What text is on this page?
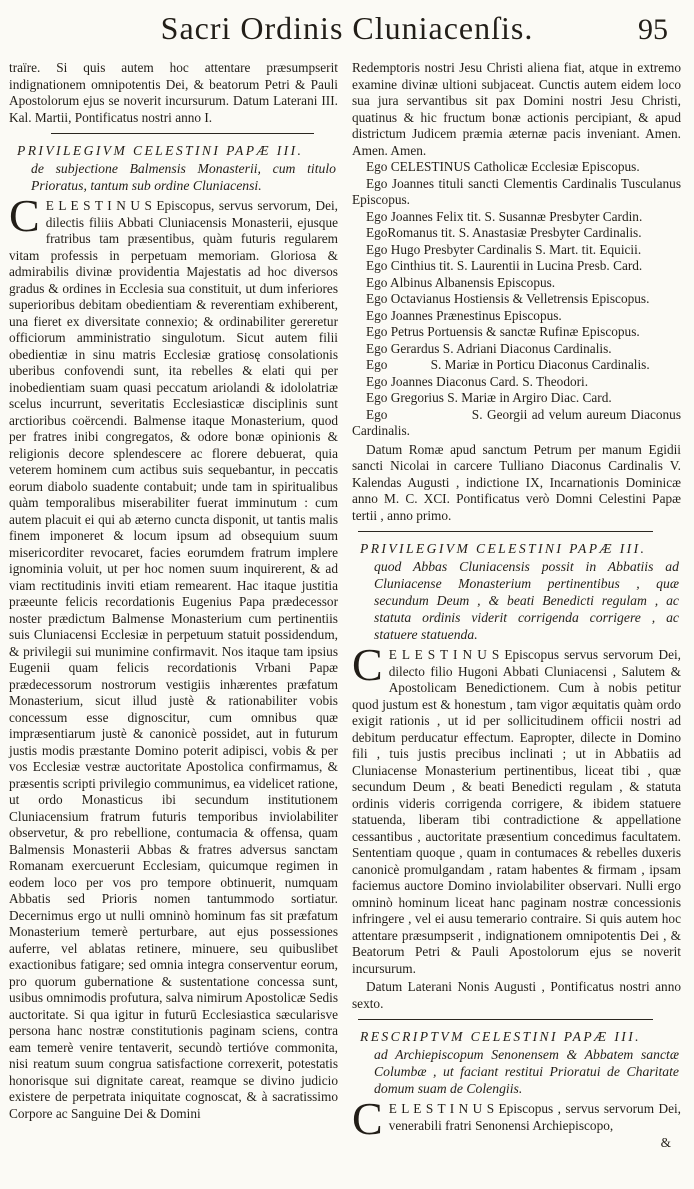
Sacri Ordinis Cluniacenſis.	95

traïre. Si quis autem hoc attentare præsumpserit indignationem omnipotentis Dei, & beatorum Petri & Pauli Apostolorum ejus se noverit incursurum. Datum Laterani III. Kal. Martii, Pontificatus nostri anno I.

PRIVILEGIVM CELESTINI PAPÆ III.
de subjectione Balmensis Monasterii, cum titulo Prioratus, tantum sub ordine Cluniacensi.

C E L E S T I N U S Episcopus, servus servorum, Dei, dilectis filiis Abbati Cluniacensis Monasterii, ejusque fratribus tam præsentibus, quàm futuris regularem vitam professis in perpetuam memoriam. Gloriosa & admirabilis divinæ providentia Majestatis ad hoc diversos gradus & ordines in Ecclesia sua constituit, ut dum inferiores superioribus debitam obedientiam & reverentiam exhiberent, una fieret ex diversitate connexio; & ordinabiliter gereretur officiorum amministratio singulotum. Sicut autem filii obedientiæ in sinu matris Ecclesiæ gratiosę consolationis uberibus confovendi sunt, ita rebelles & elati qui per inobedientiam suam quasi peccatum ariolandi & idololatriæ scelus incurrunt, severitatis Ecclesiasticæ disciplinis sunt arctioribus coërcendi. Balmense itaque Monasterium, quod per fratres inibi congregatos, & odore bonæ opinionis & religionis decore splendescere ac florere debuerat, quia veterem hominem cum actibus suis sequebantur, in peccatis eorum diabolo suadente contabuit; unde tam in spiritualibus quàm temporalibus miserabiliter fuerat imminutum : cum autem placuit ei qui ab æterno cuncta disponit, ut tantis malis finem imponeret & locum ipsum ad obsequium suum misericorditer revocaret, facies eorumdem fratrum implere ignominia voluit, ut per hoc nomen suum inquirerent, & ad viam rectitudinis inviti etiam remearent. Hac itaque justitia præeunte felicis recordationis Eugenius Papa prædecessor noster prædictum Balmense Monasterium cum pertinentiis suis Cluniacensi Ecclesiæ in perpetuum statuit possidendum, & privilegii sui munimine confirmavit. Nos itaque tam ipsius Eugenii quam felicis recordationis Vrbani Papæ prædecessorum nostrorum vestigiis inhærentes præfatum Monasterium, sicut illud justè & rationabiliter vobis concessum esse dignoscitur, cum omnibus quæ impræsentiarum justè & canonicè possidet, aut in futurum justis modis præstante Domino poterit adipisci, vobis & per vos Ecclesiæ vestræ auctoritate Apostolica confirmamus, & præsentis scripti privilegio communimus, ea videlicet ratione, ut ordo Monasticus ibi secundum institutionem Cluniacensium fratrum futuris temporibus inviolabiliter observetur, & pro rebellione, contumacia & offensa, quam Balmensis Monasterii Abbas & fratres adversus sanctam Romanam exercuerunt Ecclesiam, quicumque regimen in eodem loco per vos pro tempore obtinuerit, numquam Abbatis sed Prioris nomen tantummodo sortiatur. Decernimus ergo ut nulli omninò hominum fas sit præfatum Monasterium temerè perturbare, aut ejus possessiones auferre, vel ablatas retinere, minuere, seu quibuslibet exactionibus fatigare; sed omnia integra conserventur eorum, pro quorum gubernatione & sustentatione concessa sunt, usibus omnimodis profutura, salva nimirum Apostolicæ Sedis auctoritate. Si qua igitur in futurū Ecclesiastica sæcularisve persona hanc nostræ constitutionis paginam sciens, contra eam temerè venire tentaverit, secundò tertióve commonita, nisi reatum suum congrua satisfactione correxerit, potestatis honorisque sui dignitate careat, reamque se divino judicio existere de perpetrata iniquitate cognoscat, & à sacratissimo Corpore ac Sanguine Dei & Domini

Redemptoris nostri Jesu Christi aliena fiat, atque in extremo examine divinæ ultioni subjaceat. Cunctis autem eidem loco sua jura servantibus sit pax Domini nostri Jesu Christi, quatinus & hic fructum bonæ actionis percipiant, & apud districtum Judicem præmia æternæ pacis inveniant. Amen. Amen. Amen.

Ego CELESTINUS Catholicæ Ecclesiæ Episcopus.

Ego Joannes tituli sancti Clementis Cardinalis Tusculanus Episcopus.

Ego Joannes Felix tit. S. Susannæ Presbyter Cardin.

EgoRomanus tit. S. Anastasiæ Presbyter Cardinalis.

Ego Hugo Presbyter Cardinalis S. Mart. tit. Equicii.

Ego Cinthius tit. S. Laurentii in Lucina Presb. Card.

Ego Albinus Albanensis Episcopus.

Ego Octavianus Hostiensis & Velletrensis Episcopus.

Ego Joannes Prænestinus Episcopus.

Ego Petrus Portuensis & sanctæ Rufinæ Episcopus.

Ego Gerardus S. Adriani Diaconus Cardinalis.

Ego             S. Mariæ in Porticu Diaconus Cardinalis.

Ego Joannes Diaconus Card. S. Theodori.

Ego Gregorius S. Mariæ in Argiro Diac. Card.

Ego                   S. Georgii ad velum aureum Diaconus Cardinalis.

Datum Romæ apud sanctum Petrum per manum Egidii sancti Nicolai in carcere Tulliano Diaconus Cardinalis V. Kalendas Augusti , indictione IX, Incarnationis Dominicæ anno M. C. XCI. Pontificatus verò Domni Celestini Papæ tertii , anno primo.

PRIVILEGIVM CELESTINI PAPÆ III.
quod Abbas Cluniacensis possit in Abbatiis ad Cluniacense Monasterium pertinentibus , quæ secundum Deum , & beati Benedicti regulam , ac statuta ordinis viderit corrigenda corrigere , ac statuere statuenda.

C E L E S T I N U S Episcopus servus servorum Dei, dilecto filio Hugoni Abbati Cluniacensi , Salutem & Apostolicam Benedictionem. Cum à nobis petitur quod justum est & honestum , tam vigor æquitatis quàm ordo exigit rationis , ut id per sollicitudinem officii nostri ad debitum perducatur effectum. Eapropter, dilecte in Domino fili , tuis justis precibus inclinati ; ut in Abbatiis ad Cluniacense Monasterium pertinentibus, liceat tibi , quæ secundum Deum , & beati Benedicti regulam , & statuta ordinis videris corrigenda corrigere, & ibidem statuere statuenda, liberam tibi contradictione & appellatione cessantibus , auctoritate præsentium concedimus facultatem. Sententiam quoque , quam in contumaces & rebelles duxeris canonicè promulgandam , ratam habentes & firmam , ipsam faciemus auctore Domino inviolabiliter observari. Nulli ergo omninò hominum liceat hanc paginam nostræ concessionis infringere , vel ei ausu temerario contraire. Si quis autem hoc attentare præsumpserit , indignationem omnipotentis Dei , & Beatorum Petri & Pauli Apostolorum ejus se noverit incursurum.

Datum Laterani Nonis Augusti , Pontificatus nostri anno sexto.

RESCRIPTVM CELESTINI PAPÆ III.
ad Archiepiscopum Senonensem & Abbatem sanctæ Columbæ , ut faciant restitui Prioratui de Charitate domum suam de Colengiis.

C E L E S T I N U S Episcopus , servus servorum Dei, venerabili fratri Senonensi Archiepiscopo,

&
